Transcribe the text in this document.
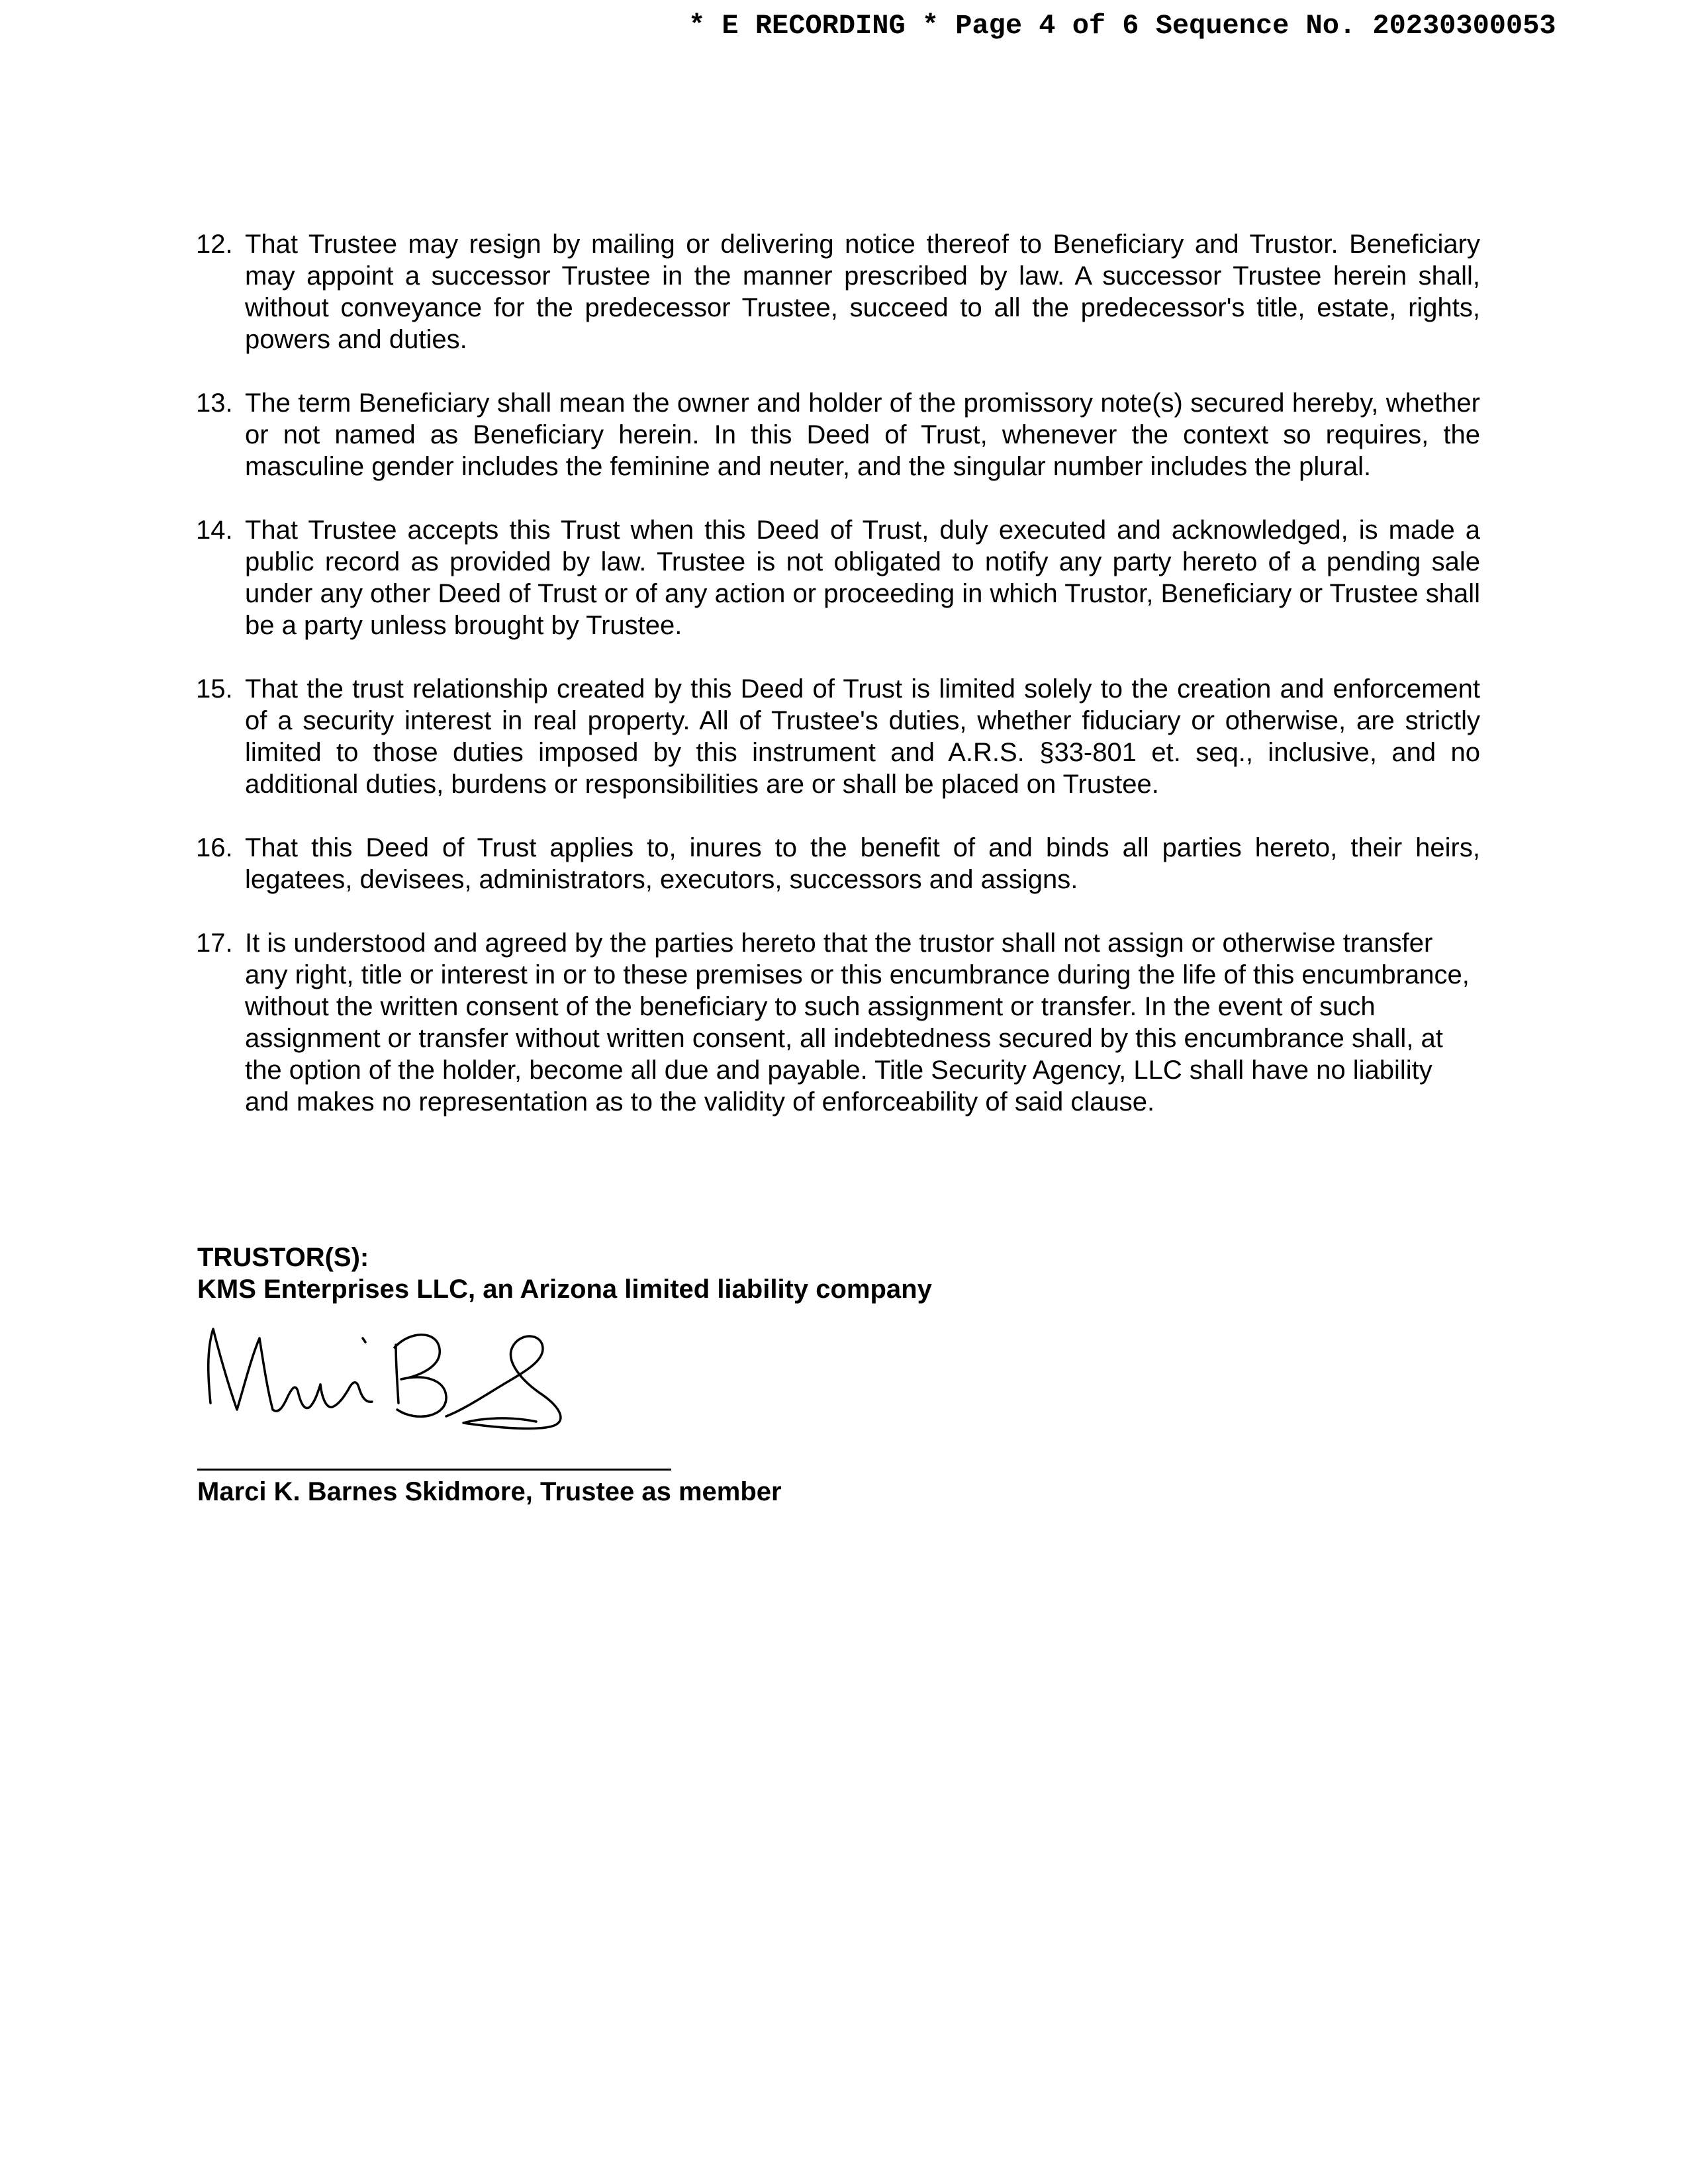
* E RECORDING * Page 4 of 6 Sequence No. 20230300053
12. That Trustee may resign by mailing or delivering notice thereof to Beneficiary and Trustor. Beneficiary may appoint a successor Trustee in the manner prescribed by law. A successor Trustee herein shall, without conveyance for the predecessor Trustee, succeed to all the predecessor's title, estate, rights, powers and duties.
13. The term Beneficiary shall mean the owner and holder of the promissory note(s) secured hereby, whether or not named as Beneficiary herein. In this Deed of Trust, whenever the context so requires, the masculine gender includes the feminine and neuter, and the singular number includes the plural.
14. That Trustee accepts this Trust when this Deed of Trust, duly executed and acknowledged, is made a public record as provided by law. Trustee is not obligated to notify any party hereto of a pending sale under any other Deed of Trust or of any action or proceeding in which Trustor, Beneficiary or Trustee shall be a party unless brought by Trustee.
15. That the trust relationship created by this Deed of Trust is limited solely to the creation and enforcement of a security interest in real property. All of Trustee's duties, whether fiduciary or otherwise, are strictly limited to those duties imposed by this instrument and A.R.S. §33-801 et. seq., inclusive, and no additional duties, burdens or responsibilities are or shall be placed on Trustee.
16. That this Deed of Trust applies to, inures to the benefit of and binds all parties hereto, their heirs, legatees, devisees, administrators, executors, successors and assigns.
17. It is understood and agreed by the parties hereto that the trustor shall not assign or otherwise transfer any right, title or interest in or to these premises or this encumbrance during the life of this encumbrance, without the written consent of the beneficiary to such assignment or transfer. In the event of such assignment or transfer without written consent, all indebtedness secured by this encumbrance shall, at the option of the holder, become all due and payable. Title Security Agency, LLC shall have no liability and makes no representation as to the validity of enforceability of said clause.
TRUSTOR(S):
KMS Enterprises LLC, an Arizona limited liability company
Marci K. Barnes Skidmore, Trustee as member
